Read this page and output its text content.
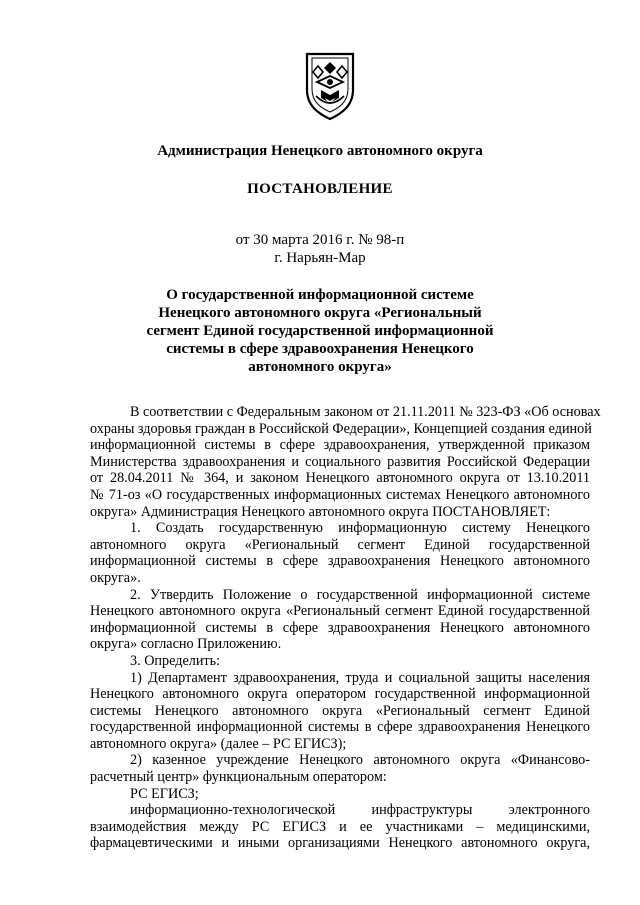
Администрация Ненецкого автономного округа
ПОСТАНОВЛЕНИЕ
от 30 марта 2016 г. № 98-п
г. Нарьян-Мар
О государственной информационной системе
Ненецкого автономного округа «Региональный
сегмент Единой государственной информационной
системы в сфере здравоохранения Ненецкого
автономного округа»
В соответствии с Федеральным законом от 21.11.2011 № 323-ФЗ «Об основах
охраны здоровья граждан в Российской Федерации», Концепцией создания единой
информационной системы в сфере здравоохранения, утвержденной приказом
Министерства здравоохранения и социального развития Российской Федерации
от 28.04.2011 № 364, и законом Ненецкого автономного округа от 13.10.2011
№ 71-оз «О государственных информационных системах Ненецкого автономного
округа» Администрация Ненецкого автономного округа ПОСТАНОВЛЯЕТ:
1. Создать государственную информационную систему Ненецкого
автономного округа «Региональный сегмент Единой государственной
информационной системы в сфере здравоохранения Ненецкого автономного
округа».
2. Утвердить Положение о государственной информационной системе
Ненецкого автономного округа «Региональный сегмент Единой государственной
информационной системы в сфере здравоохранения Ненецкого автономного
округа» согласно Приложению.
3. Определить:
1) Департамент здравоохранения, труда и социальной защиты населения
Ненецкого автономного округа оператором государственной информационной
системы Ненецкого автономного округа «Региональный сегмент Единой
государственной информационной системы в сфере здравоохранения Ненецкого
автономного округа» (далее – РС ЕГИСЗ);
2) казенное учреждение Ненецкого автономного округа «Финансово-
расчетный центр» функциональным оператором:
РС ЕГИСЗ;
информационно-технологической инфраструктуры электронного
взаимодействия между РС ЕГИСЗ и ее участниками – медицинскими,
фармацевтическими и иными организациями Ненецкого автономного округа,
